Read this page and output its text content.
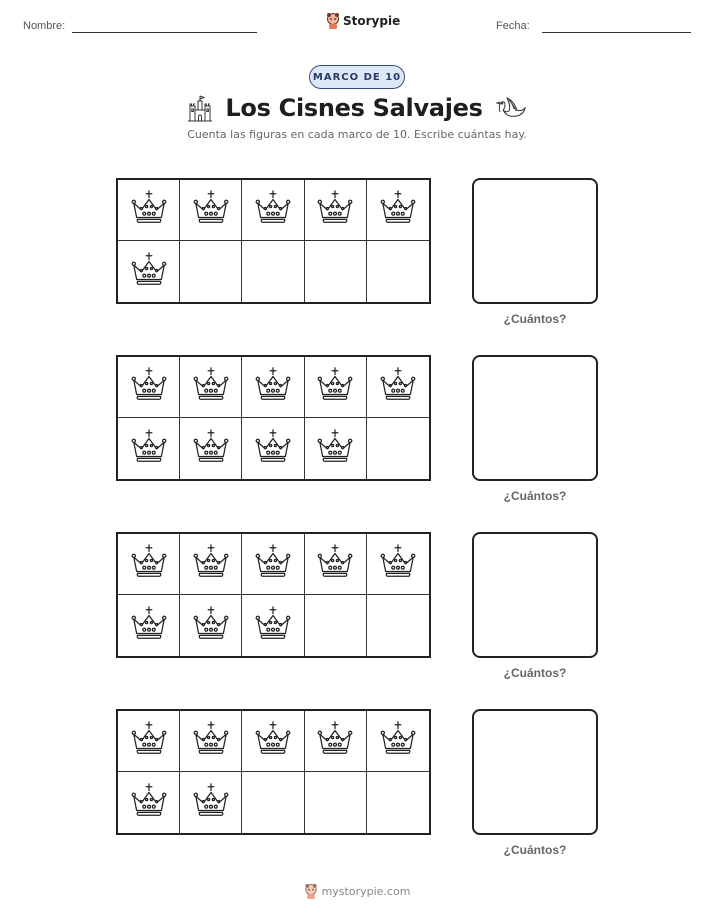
Nombre:	Storypie	Fecha:
MARCO DE 10
Los Cisnes Salvajes
Cuenta las figuras en cada marco de 10. Escribe cuántas hay.
¿Cuántos?
¿Cuántos?
¿Cuántos?
¿Cuántos?
mystorypie.com
